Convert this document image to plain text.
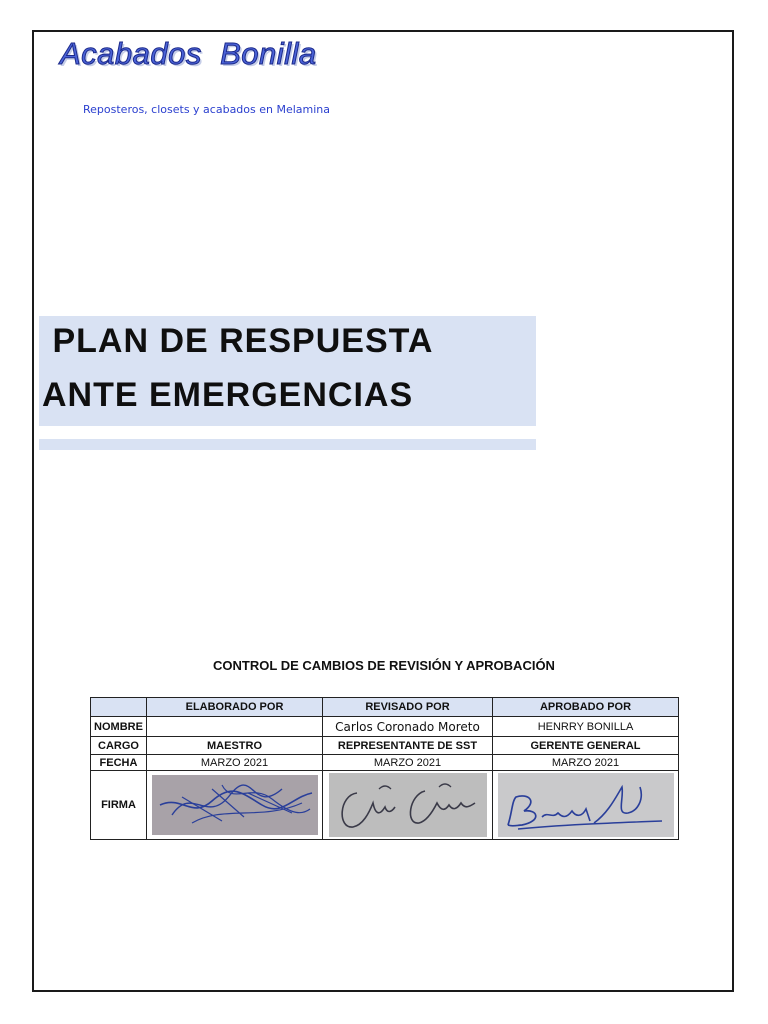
Acabados  Bonilla
Reposteros, closets y acabados en Melamina
PLAN DE RESPUESTA
ANTE EMERGENCIAS
CONTROL DE CAMBIOS DE REVISIÓN Y APROBACIÓN
	ELABORADO POR	REVISADO POR	APROBADO POR
NOMBRE		Carlos Coronado Moreto	HENRRY BONILLA
CARGO	MAESTRO	REPRESENTANTE DE SST	GERENTE GENERAL
FECHA	MARZO 2021	MARZO 2021	MARZO 2021
FIRMA	
